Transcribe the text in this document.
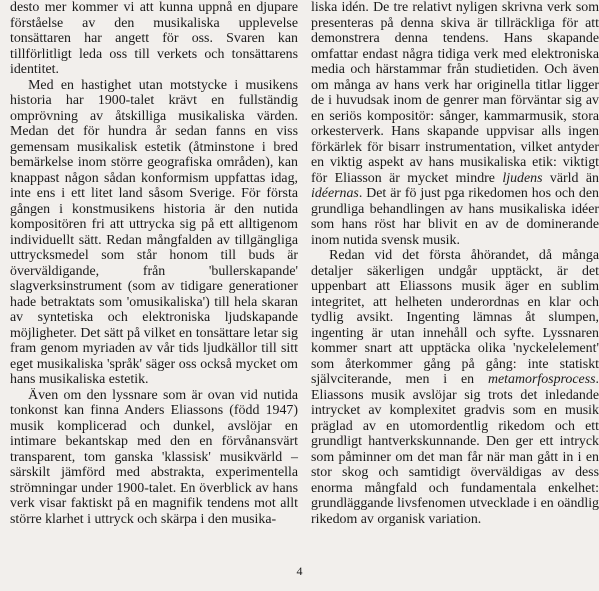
desto mer kommer vi att kunna uppnå en djupare förståelse av den musikaliska upplevelse tonsättaren har angett för oss. Svaren kan tillförlitligt leda oss till verkets och tonsättarens identitet.

Med en hastighet utan motstycke i musikens historia har 1900-talet krävt en fullständig omprövning av åtskilliga musikaliska värden. Medan det för hundra år sedan fanns en viss gemensam musikalisk estetik (åtminstone i bred bemärkelse inom större geografiska områden), kan knappast någon sådan konformism uppfattas idag, inte ens i ett litet land såsom Sverige. För första gången i konstmusikens historia är den nutida kompositören fri att uttrycka sig på ett alltigenom individuellt sätt. Redan mångfalden av tillgängliga uttrycksmedel som står honom till buds är överväldigande, från 'bullerskapande' slagverksinstrument (som av tidigare generationer hade betraktats som 'omusikaliska') till hela skaran av syntetiska och elektroniska ljudskapande möjligheter. Det sätt på vilket en tonsättare letar sig fram genom myriaden av vår tids ljudkällor till sitt eget musikaliska 'språk' säger oss också mycket om hans musikaliska estetik.

Även om den lyssnare som är ovan vid nutida tonkonst kan finna Anders Eliassons (född 1947) musik komplicerad och dunkel, avslöjar en intimare bekantskap med den en förvånansvärt transparent, tom ganska 'klassisk' musikvärld – särskilt jämförd med abstrakta, experimentella strömningar under 1900-talet. En överblick av hans verk visar faktiskt på en magnifik tendens mot allt större klarhet i uttryck och skärpa i den musika-

liska idén. De tre relativt nyligen skrivna verk som presenteras på denna skiva är tillräckliga för att demonstrera denna tendens. Hans skapande omfattar endast några tidiga verk med elektroniska media och härstammar från studietiden. Och även om många av hans verk har originella titlar ligger de i huvudsak inom de genrer man förväntar sig av en seriös kompositör: sånger, kammarmusik, stora orkesterverk. Hans skapande uppvisar alls ingen förkärlek för bisarr instrumentation, vilket antyder en viktig aspekt av hans musikaliska etik: viktigt för Eliasson är mycket mindre ljudens värld än idéernas. Det är fö just pga rikedomen hos och den grundliga behandlingen av hans musikaliska idéer som hans röst har blivit en av de dominerande inom nutida svensk musik.

Redan vid det första åhörandet, då många detaljer säkerligen undgår upptäckt, är det uppenbart att Eliassons musik äger en sublim integritet, att helheten underordnas en klar och tydlig avsikt. Ingenting lämnas åt slumpen, ingenting är utan innehåll och syfte. Lyssnaren kommer snart att upptäcka olika 'nyckelelement' som återkommer gång på gång: inte statiskt självciterande, men i en metamorfosprocess. Eliassons musik avslöjar sig trots det inledande intrycket av komplexitet gradvis som en musik präglad av en utomordentlig rikedom och ett grundligt hantverkskunnande. Den ger ett intryck som påminner om det man får när man gått in i en stor skog och samtidigt överväldigas av dess enorma mångfald och fundamentala enkelhet: grundläggande livsfenomen utvecklade i en oändlig rikedom av organisk variation.

4
